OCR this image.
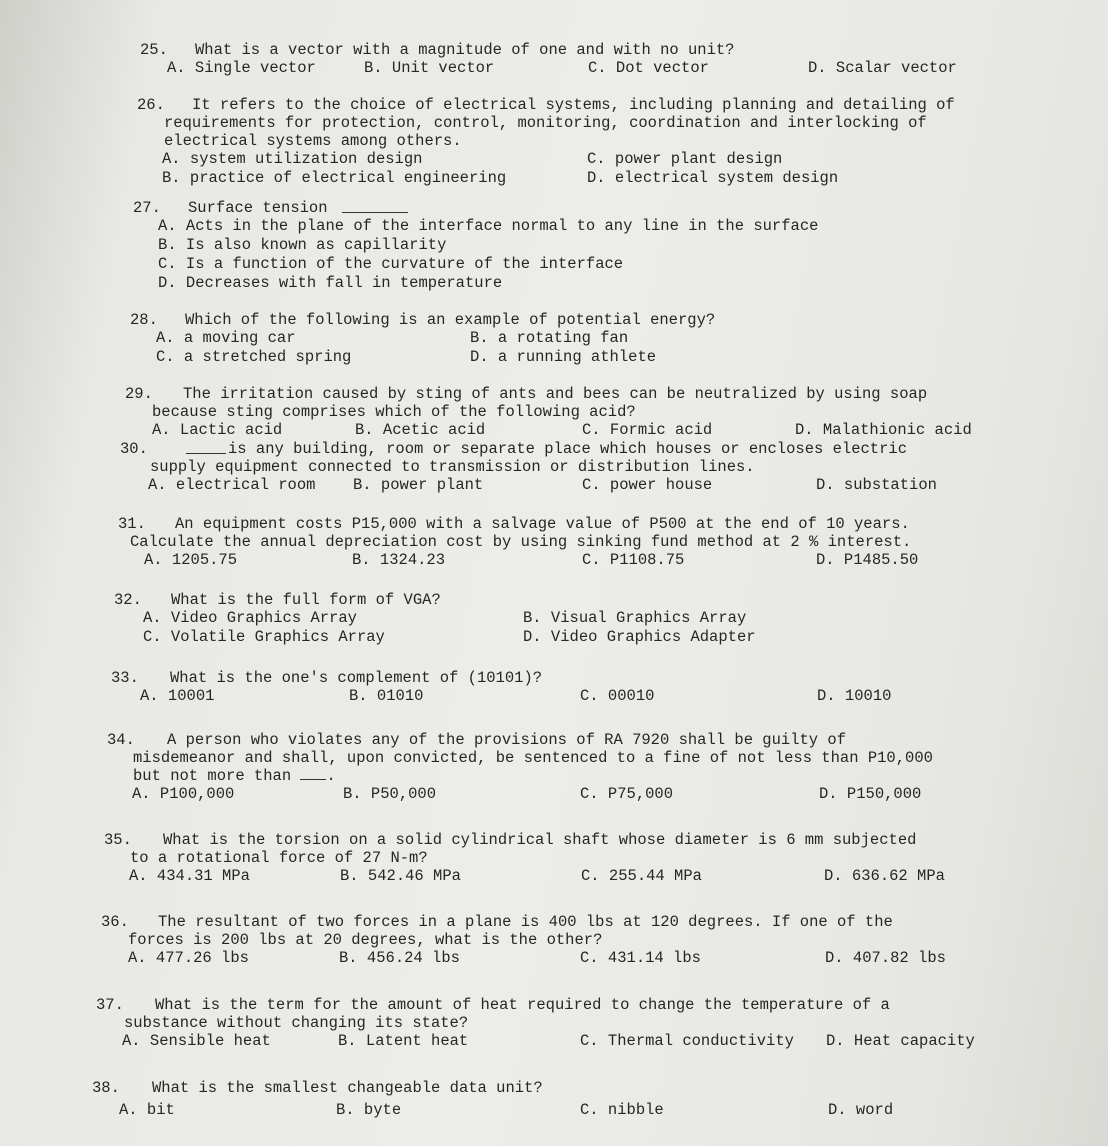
25. What is a vector with a magnitude of one and with no unit?
A. Single vector	B. Unit vector	C. Dot vector	D. Scalar vector
26. It refers to the choice of electrical systems, including planning and detailing of
requirements for protection, control, monitoring, coordination and interlocking of
electrical systems among others.
A. system utilization design	C. power plant design
B. practice of electrical engineering	D. electrical system design
27. Surface tension
A. Acts in the plane of the interface normal to any line in the surface
B. Is also known as capillarity
C. Is a function of the curvature of the interface
D. Decreases with fall in temperature
28. Which of the following is an example of potential energy?
A. a moving car	B. a rotating fan
C. a stretched spring	D. a running athlete
29. The irritation caused by sting of ants and bees can be neutralized by using soap
because sting comprises which of the following acid?
A. Lactic acid	B. Acetic acid	C. Formic acid	D. Malathionic acid
30.	is any building, room or separate place which houses or encloses electric
supply equipment connected to transmission or distribution lines.
A. electrical room B. power plant	C. power house	D. substation
31. An equipment costs P15,000 with a salvage value of P500 at the end of 10 years.
Calculate the annual depreciation cost by using sinking fund method at 2 % interest.
A. 1205.75	B. 1324.23	C. P1108.75	D. P1485.50
32. What is the full form of VGA?
A. Video Graphics Array	B. Visual Graphics Array
C. Volatile Graphics Array	D. Video Graphics Adapter
33. What is the one's complement of (10101)?
A. 10001	B. 01010	C. 00010	D. 10010
34. A person who violates any of the provisions of RA 7920 shall be guilty of
misdemeanor and shall, upon convicted, be sentenced to a fine of not less than P10,000
but not more than .
A. P100,000	B. P50,000	C. P75,000	D. P150,000
35. What is the torsion on a solid cylindrical shaft whose diameter is 6 mm subjected
to a rotational force of 27 N-m?
A. 434.31 MPa	B. 542.46 MPa	C. 255.44 MPa	D. 636.62 MPa
36. The resultant of two forces in a plane is 400 lbs at 120 degrees. If one of the
forces is 200 lbs at 20 degrees, what is the other?
A. 477.26 lbs	B. 456.24 lbs	C. 431.14 lbs	D. 407.82 lbs
37. What is the term for the amount of heat required to change the temperature of a
substance without changing its state?
A. Sensible heat	B. Latent heat	C. Thermal conductivity D. Heat capacity
38. What is the smallest changeable data unit?
A. bit	B. byte	C. nibble	D. word
